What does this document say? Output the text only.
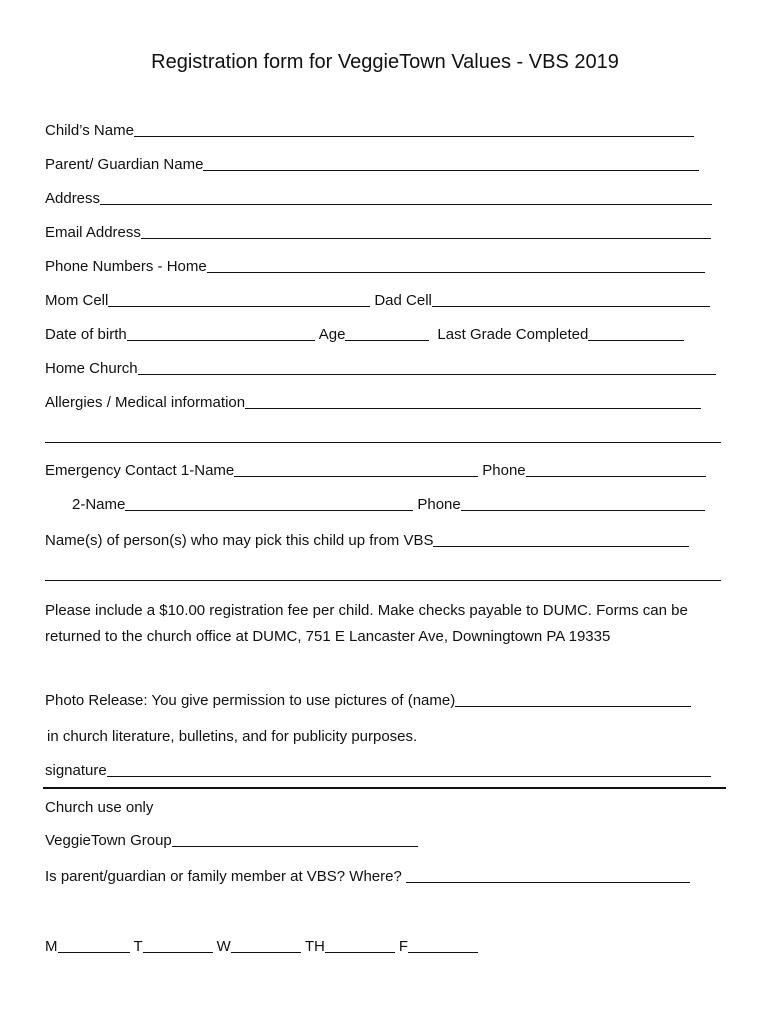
Registration form for VeggieTown Values - VBS 2019
Child’s Name
Parent/ Guardian Name
Address
Email Address
Phone Numbers - Home
Mom Cell	Dad Cell
Date of birth	Age	Last Grade Completed
Home Church
Allergies / Medical information
Emergency Contact 1-Name	Phone
2-Name	Phone
Name(s) of person(s) who may pick this child up from VBS
Please include a $10.00 registration fee per child. Make checks payable to DUMC. Forms can be returned to the church office at DUMC, 751 E Lancaster Ave, Downingtown PA 19335
Photo Release: You give permission to use pictures of (name)
in church literature, bulletins, and for publicity purposes.
signature
Church use only
VeggieTown Group
Is parent/guardian or family member at VBS? Where?
M	T	W	TH	F
